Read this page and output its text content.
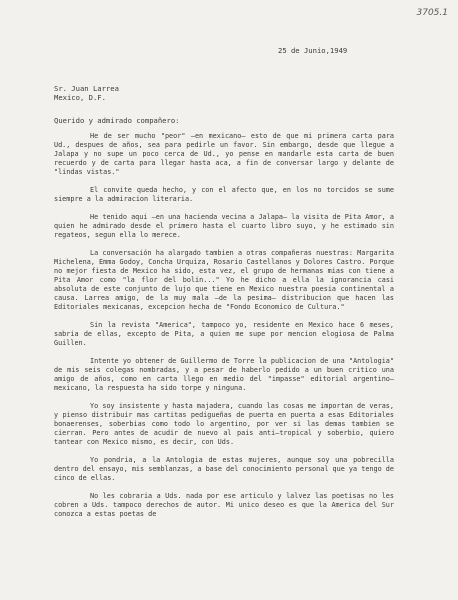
3705.1
25 de Junio,1949
Sr. Juan Larrea
Mexico, D.F.
Querido y admirado compañero:

He de ser mucho "peor" –en mexicano– esto de que mi primera carta para Ud., despues de años, sea para pedirle un favor. Sin embargo, desde que llegue a Jalapa y no supe un poco cerca de Ud., yo pense en mandarle esta carta de buen recuerdo y de carta para llegar hasta aca, a fin de conversar largo y delante de "lindas vistas."

El convite queda hecho, y con el afecto que, en los no torcidos se sume siempre a la admiracion literaria.

He tenido aqui –en una hacienda vecina a Jalapa– la visita de Pita Amor, a quien he admirado desde el primero hasta el cuarto libro suyo, y he estimado sin regateos, segun ella lo merece.

La conversación ha alargado tambien a otras compañeras nuestras: Margarita Michelena, Emma Godoy, Concha Urquiza, Rosario Castellanos y Dolores Castro. Porque no mejor fiesta de Mexico ha sido, esta vez, el grupo de hermanas mias con tiene a Pita Amor como "la flor del bolin..." Yo he dicho a ella la ignorancia casi absoluta de este conjunto de lujo que tiene en Mexico nuestra poesia continental a causa. Larrea amigo, de la muy mala –de la pesima– distribucion que hacen las Editoriales mexicanas, excepcion hecha de "Fondo Economico de Cultura."

Sin la revista "America", tampoco yo, residente en Mexico hace 6 meses, sabria de ellas, excepto de Pita, a quien me supe por mencion elogiosa de Palma Guillen.

Intente yo obtener de Guillermo de Torre la publicacion de una "Antologia" de mis seis colegas nombradas, y a pesar de haberlo pedido a un buen critico una amigo de años, como en carta llego en medio del "impasse" editorial argentino–mexicano, la respuesta ha sido torpe y ninguna.

Yo soy insistente y hasta majadera, cuando las cosas me importan de veras, y pienso distribuir mas cartitas pedigueñas de puerta en puerta a esas Editoriales bonaerenses, soberbias como todo lo argentino, por ver si las demas tambien se cierran. Pero antes de acudir de nuevo al pais anti–tropical y soberbio, quiero tantear con Mexico mismo, es decir, con Uds.

Yo pondria, a la Antologia de estas mujeres, aunque soy una pobrecilla dentro del ensayo, mis semblanzas, a base del conocimiento personal que ya tengo de cinco de ellas.

No les cobraria a Uds. nada por ese articulo y lalvez las poetisas no les cobren a Uds. tampoco derechos de autor. Mi unico deseo es que la America del Sur conozca a estas poetas de
